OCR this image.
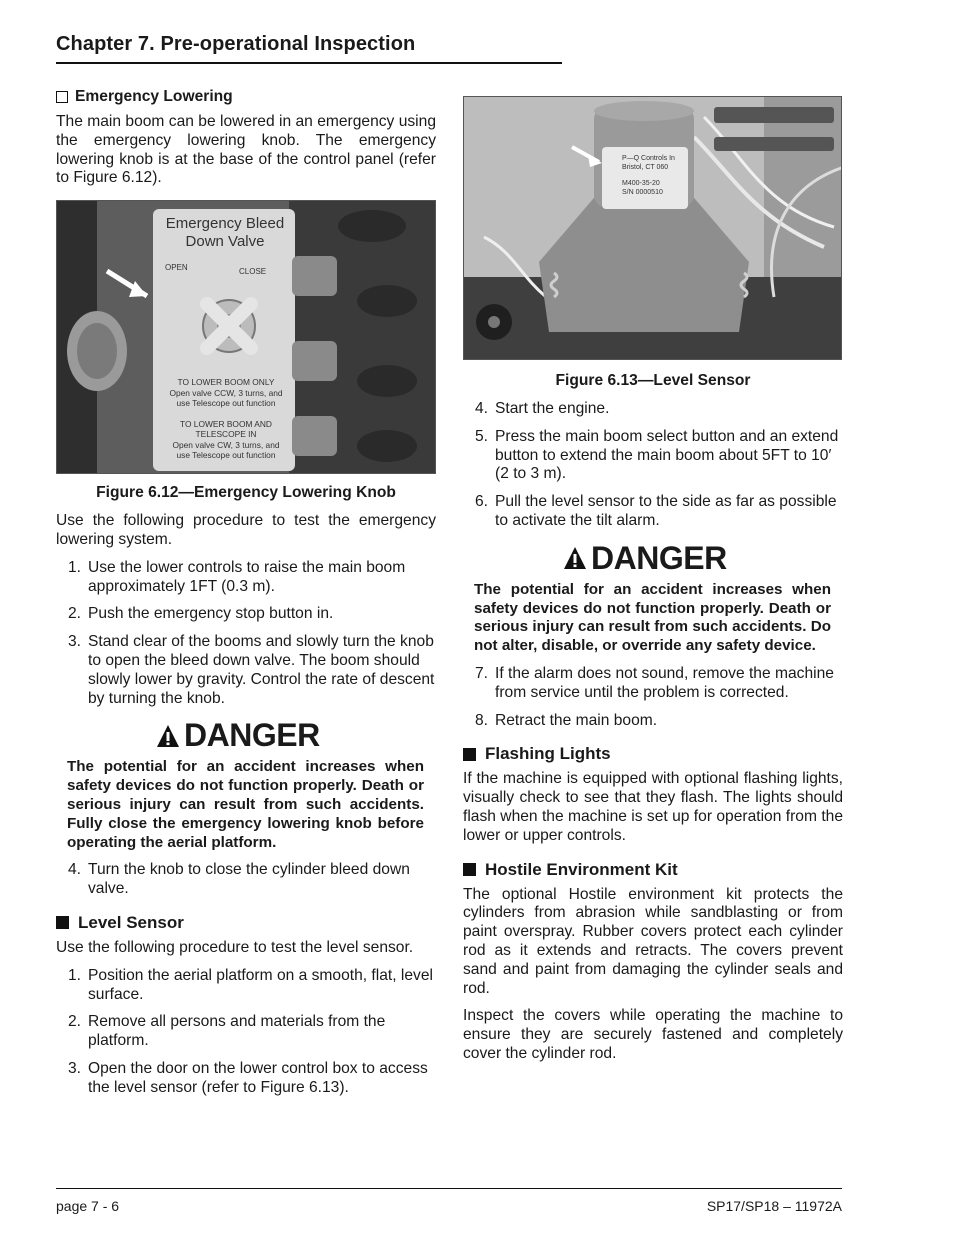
Chapter 7. Pre-operational Inspection
Emergency Lowering

The main boom can be lowered in an emergency using the emergency lowering knob. The emergency lowering knob is at the base of the control panel (refer to Figure 6.12).

Emergency Bleed
Down Valve
OPEN	CLOSE
TO LOWER BOOM ONLY
Open valve CCW, 3 turns, and
use Telescope out function
TO LOWER BOOM AND
TELESCOPE IN
Open valve CW, 3 turns, and
use Telescope out function
Figure 6.12—Emergency Lowering Knob

Use the following procedure to test the emergency lowering system.

1. Use the lower controls to raise the main boom approximately 1FT (0.3 m).
2. Push the emergency stop button in.
3. Stand clear of the booms and slowly turn the knob to open the bleed down valve. The boom should slowly lower by gravity. Control the rate of descent by turning the knob.
DANGER

The potential for an accident increases when safety devices do not function properly. Death or serious injury can result from such accidents. Fully close the emergency lowering knob before operating the aerial platform.

4. Turn the knob to close the cylinder bleed down valve.
Level Sensor

Use the following procedure to test the level sensor.

1. Position the aerial platform on a smooth, flat, level surface.
2. Remove all persons and materials from the platform.
3. Open the door on the lower control box to access the level sensor (refer to Figure 6.13).
P—Q Controls In
Bristol, CT 060
M400-35-20
S/N 0000510
Figure 6.13—Level Sensor
4. Start the engine.
5. Press the main boom select button and an extend button to extend the main boom about 5FT to 10′ (2 to 3 m).
6. Pull the level sensor to the side as far as possible to activate the tilt alarm.
DANGER

The potential for an accident increases when safety devices do not function properly. Death or serious injury can result from such accidents. Do not alter, disable, or override any safety device.

7. If the alarm does not sound, remove the machine from service until the problem is corrected.
8. Retract the main boom.
Flashing Lights

If the machine is equipped with optional flashing lights, visually check to see that they flash. The lights should flash when the machine is set up for operation from the lower or upper controls.

Hostile Environment Kit

The optional Hostile environment kit protects the cylinders from abrasion while sandblasting or from paint overspray. Rubber covers protect each cylinder rod as it extends and retracts. The covers prevent sand and paint from damaging the cylinder seals and rod.

Inspect the covers while operating the machine to ensure they are securely fastened and completely cover the cylinder rod.

page 7 - 6	SP17/SP18 – 11972A
